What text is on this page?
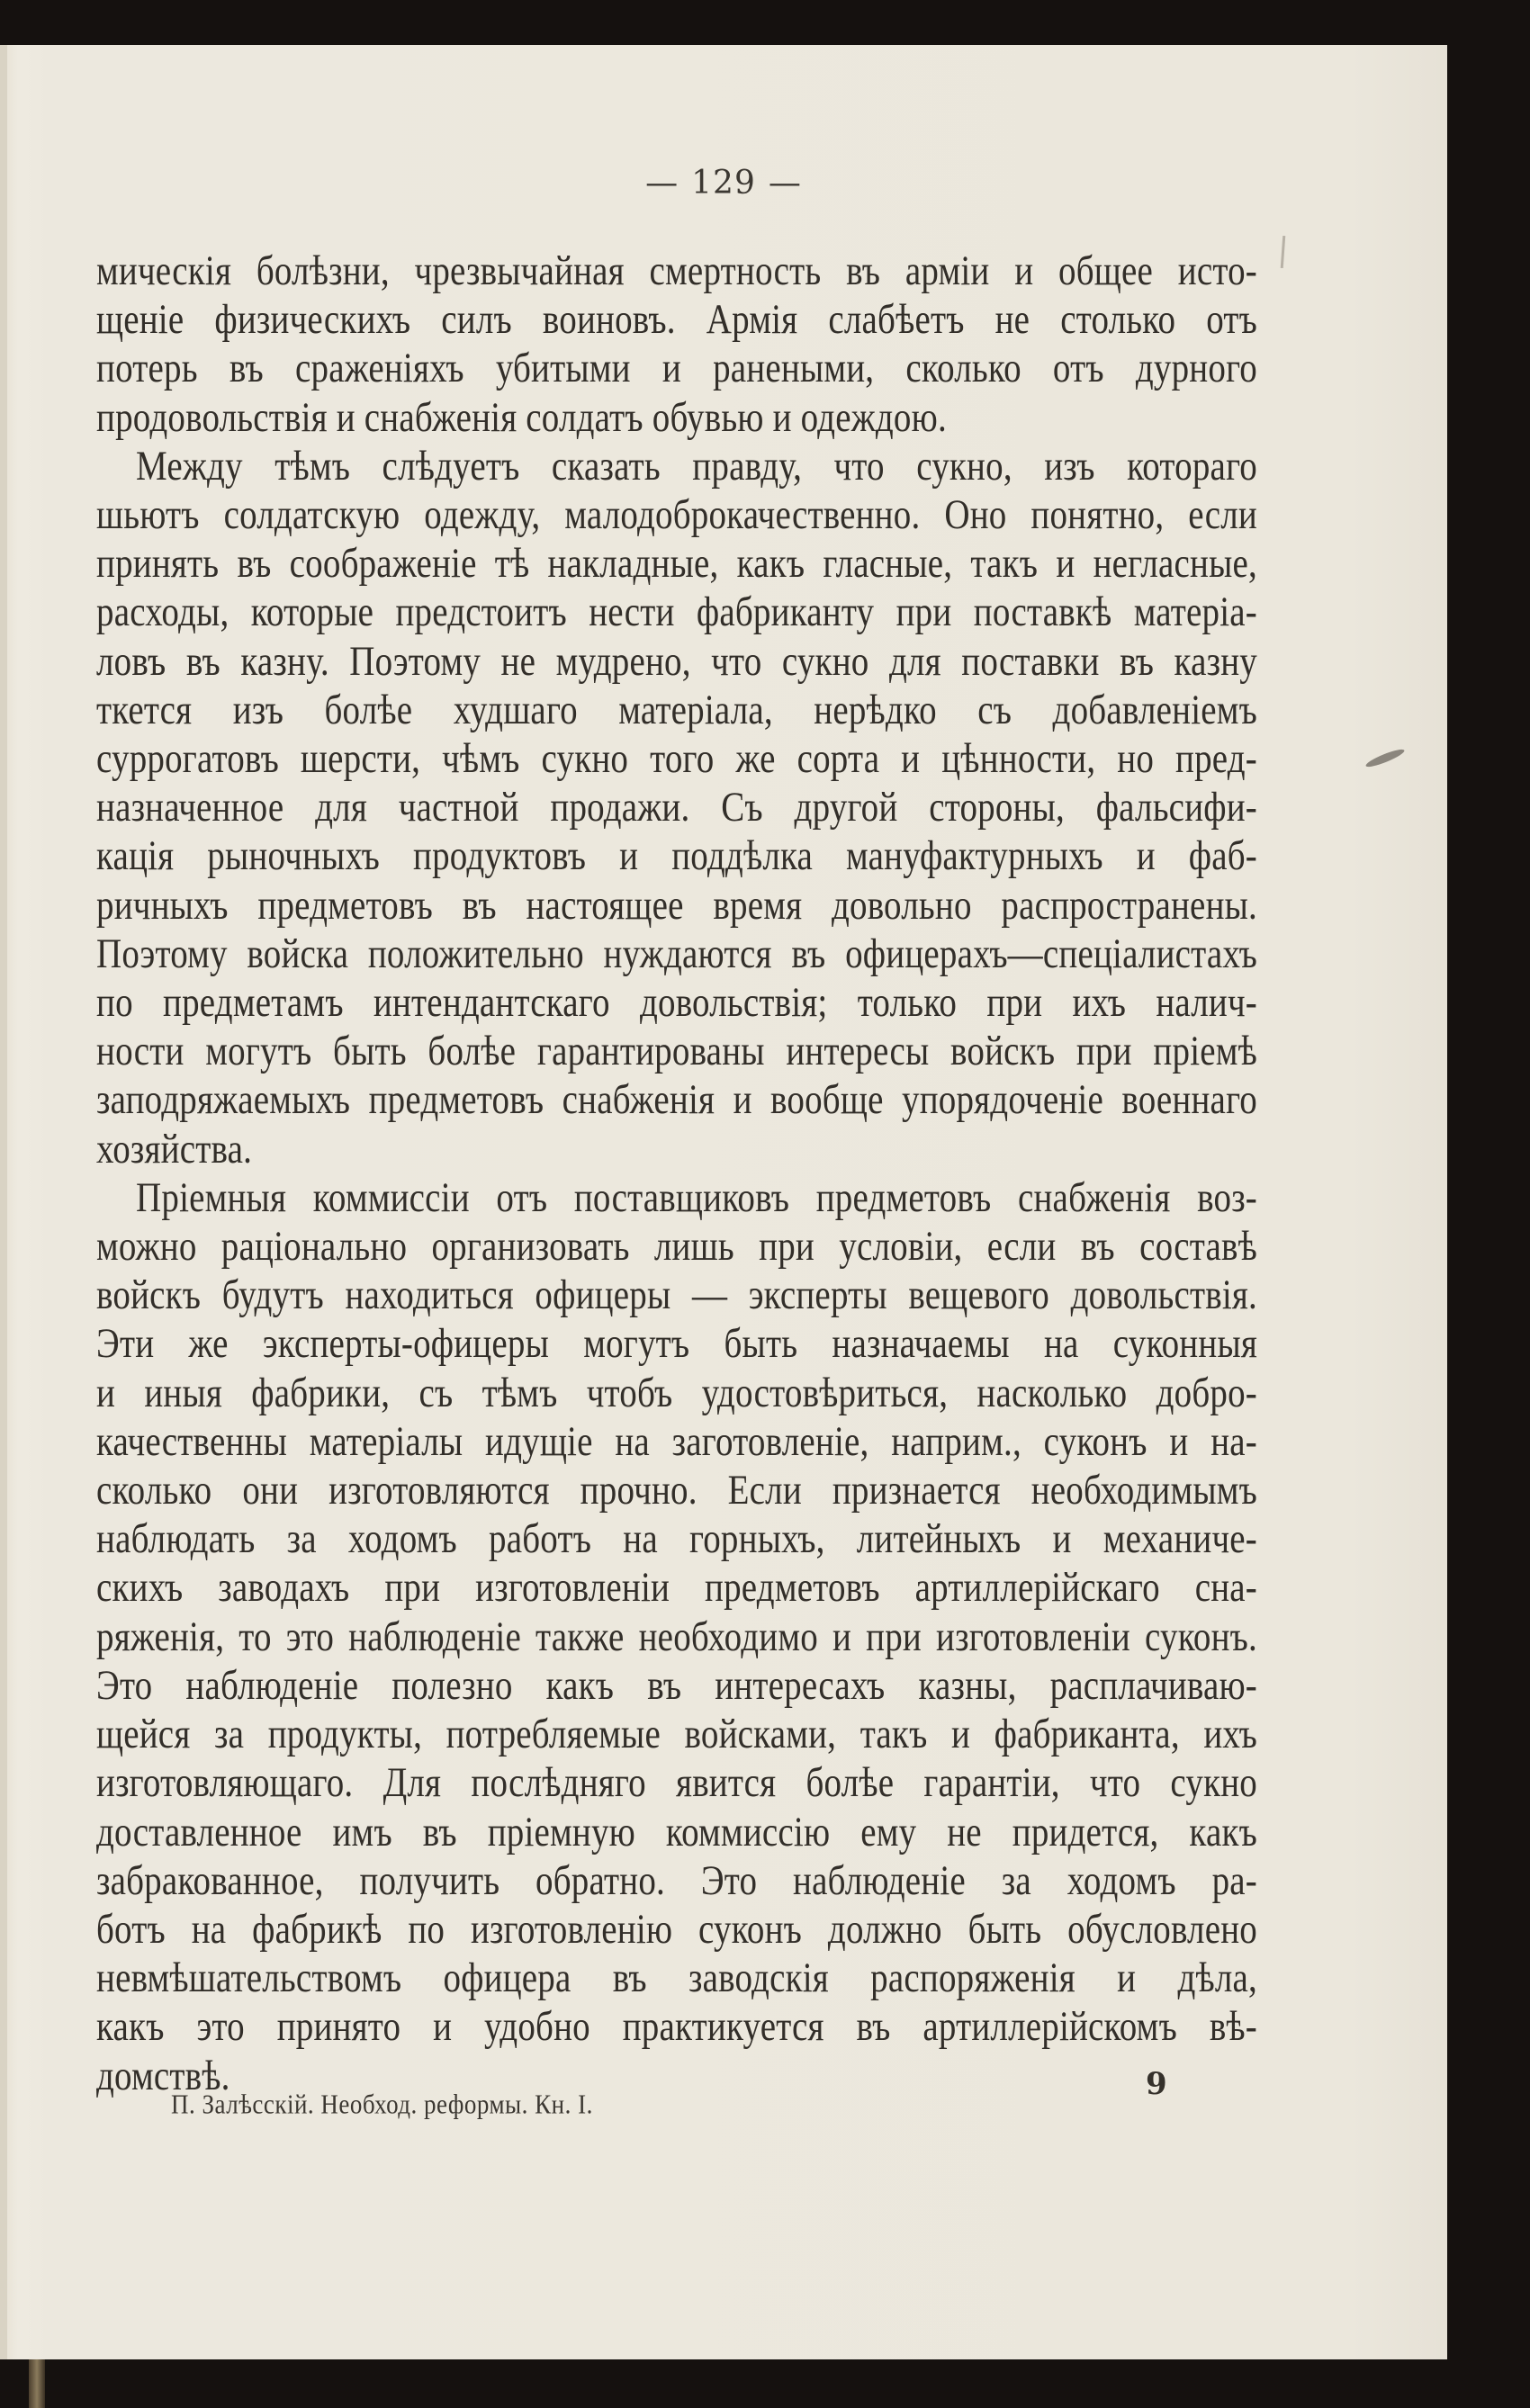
— 129 —
мическія болѣзни, чрезвычайная смертность въ арміи и общее исто-
щеніе физическихъ силъ воиновъ. Армія слабѣетъ не столько отъ
потерь въ сраженіяхъ убитыми и ранеными, сколько отъ дурного
продовольствія и снабженія солдатъ обувью и одеждою.
Между тѣмъ слѣдуетъ сказать правду, что сукно, изъ котораго
шьютъ солдатскую одежду, малодоброкачественно. Оно понятно, если
принять въ соображеніе тѣ накладные, какъ гласные, такъ и негласные,
расходы, которые предстоитъ нести фабриканту при поставкѣ матеріа-
ловъ въ казну. Поэтому не мудрено, что сукно для поставки въ казну
ткется изъ болѣе худшаго матеріала, нерѣдко съ добавленіемъ
суррогатовъ шерсти, чѣмъ сукно того же сорта и цѣнности, но пред-
назначенное для частной продажи. Съ другой стороны, фальсифи-
кація рыночныхъ продуктовъ и поддѣлка мануфактурныхъ и фаб-
ричныхъ предметовъ въ настоящее время довольно распространены.
Поэтому войска положительно нуждаются въ офицерахъ—спеціалистахъ
по предметамъ интендантскаго довольствія; только при ихъ налич-
ности могутъ быть болѣе гарантированы интересы войскъ при пріемѣ
заподряжаемыхъ предметовъ снабженія и вообще упорядоченіе военнаго
хозяйства.
Пріемныя коммиссіи отъ поставщиковъ предметовъ снабженія воз-
можно раціонально организовать лишь при условіи, если въ составѣ
войскъ будутъ находиться офицеры — эксперты вещевого довольствія.
Эти же эксперты-офицеры могутъ быть назначаемы на суконныя
и иныя фабрики, съ тѣмъ чтобъ удостовѣриться, насколько добро-
качественны матеріалы идущіе на заготовленіе, наприм., суконъ и на-
сколько они изготовляются прочно. Если признается необходимымъ
наблюдать за ходомъ работъ на горныхъ, литейныхъ и механиче-
скихъ заводахъ при изготовленіи предметовъ артиллерійскаго сна-
ряженія, то это наблюденіе также необходимо и при изготовленіи суконъ.
Это наблюденіе полезно какъ въ интересахъ казны, расплачиваю-
щейся за продукты, потребляемые войсками, такъ и фабриканта, ихъ
изготовляющаго. Для послѣдняго явится болѣе гарантіи, что сукно
доставленное имъ въ пріемную коммиссію ему не придется, какъ
забракованное, получить обратно. Это наблюденіе за ходомъ ра-
ботъ на фабрикѣ по изготовленію суконъ должно быть обусловлено
невмѣшательствомъ офицера въ заводскія распоряженія и дѣла,
какъ это принято и удобно практикуется въ артиллерійскомъ вѣ-
домствѣ.	9
П. Залѣсскій. Необход. реформы. Кн. I.
